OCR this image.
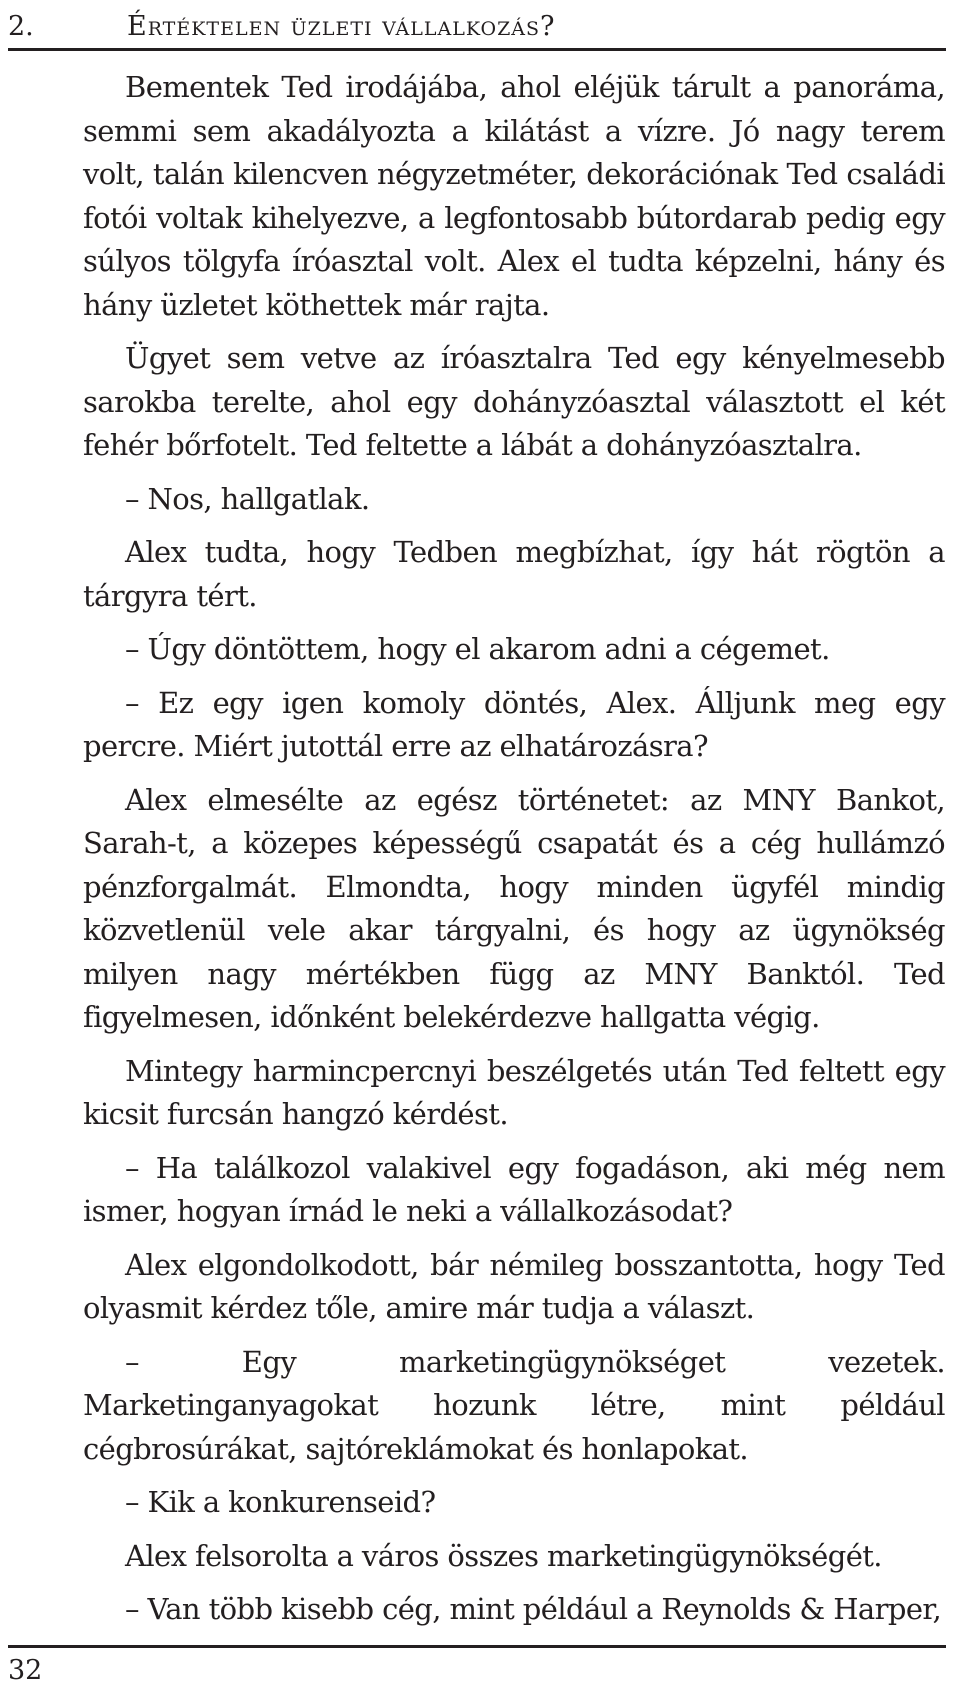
2.	Értéktelen üzleti vállalkozás?

Bementek Ted irodájába, ahol eléjük tárult a panoráma, semmi sem akadályozta a kilátást a vízre. Jó nagy terem volt, talán kilencven négyzetméter, dekorációnak Ted családi fotói voltak kihelyezve, a legfontosabb bútordarab pedig egy súlyos tölgyfa íróasztal volt. Alex el tudta képzelni, hány és hány üzletet köthettek már rajta.

Ügyet sem vetve az íróasztalra Ted egy kényelmesebb sarokba terelte, ahol egy dohányzóasztal választott el két fehér bőrfotelt. Ted feltette a lábát a dohányzóasztalra.

– Nos, hallgatlak.

Alex tudta, hogy Tedben megbízhat, így hát rögtön a tárgyra tért.

– Úgy döntöttem, hogy el akarom adni a cégemet.

– Ez egy igen komoly döntés, Alex. Álljunk meg egy percre. Miért jutottál erre az elhatározásra?

Alex elmesélte az egész történetet: az MNY Bankot, Sarah-t, a közepes képességű csapatát és a cég hullámzó pénzforgalmát. Elmondta, hogy minden ügyfél mindig közvetlenül vele akar tárgyalni, és hogy az ügynökség milyen nagy mértékben függ az MNY Banktól. Ted figyelmesen, időnként belekérdezve hallgatta végig.

Mintegy harmincpercnyi beszélgetés után Ted feltett egy kicsit furcsán hangzó kérdést.

– Ha találkozol valakivel egy fogadáson, aki még nem ismer, hogyan írnád le neki a vállalkozásodat?

Alex elgondolkodott, bár némileg bosszantotta, hogy Ted olyasmit kérdez tőle, amire már tudja a választ.

– Egy marketingügynökséget vezetek. Marketinganyagokat hozunk létre, mint például cégbrosúrákat, sajtóreklámokat és honlapokat.

– Kik a konkurenseid?

Alex felsorolta a város összes marketingügynökségét.

– Van több kisebb cég, mint például a Reynolds & Harper,

32
